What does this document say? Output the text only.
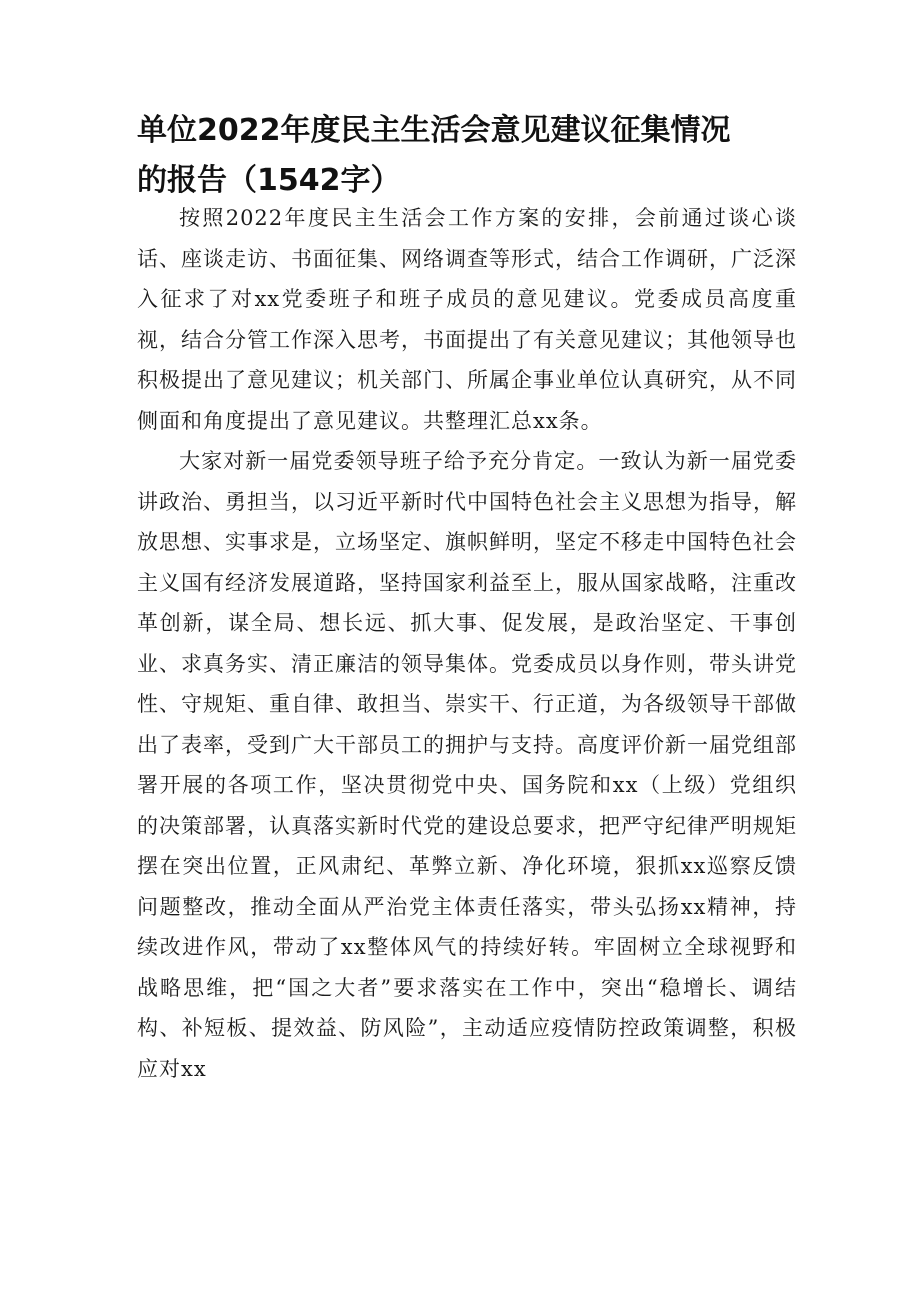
单位2022年度民主生活会意见建议征集情况
的报告（1542字）

按照2022年度民主生活会工作方案的安排，会前通过谈心谈话、座谈走访、书面征集、网络调查等形式，结合工作调研，广泛深入征求了对xx党委班子和班子成员的意见建议。党委成员高度重视，结合分管工作深入思考，书面提出了有关意见建议；其他领导也积极提出了意见建议；机关部门、所属企事业单位认真研究，从不同侧面和角度提出了意见建议。共整理汇总xx条。

大家对新一届党委领导班子给予充分肯定。一致认为新一届党委讲政治、勇担当，以习近平新时代中国特色社会主义思想为指导，解放思想、实事求是，立场坚定、旗帜鲜明，坚定不移走中国特色社会主义国有经济发展道路，坚持国家利益至上，服从国家战略，注重改革创新，谋全局、想长远、抓大事、促发展，是政治坚定、干事创业、求真务实、清正廉洁的领导集体。党委成员以身作则，带头讲党性、守规矩、重自律、敢担当、崇实干、行正道，为各级领导干部做出了表率，受到广大干部员工的拥护与支持。高度评价新一届党组部署开展的各项工作，坚决贯彻党中央、国务院和xx（上级）党组织的决策部署，认真落实新时代党的建设总要求，把严守纪律严明规矩摆在突出位置，正风肃纪、革弊立新、净化环境，狠抓xx巡察反馈问题整改，推动全面从严治党主体责任落实，带头弘扬xx精神，持续改进作风，带动了xx整体风气的持续好转。牢固树立全球视野和战略思维，把“国之大者”要求落实在工作中，突出“稳增长、调结构、补短板、提效益、防风险”，主动适应疫情防控政策调整，积极应对xx
